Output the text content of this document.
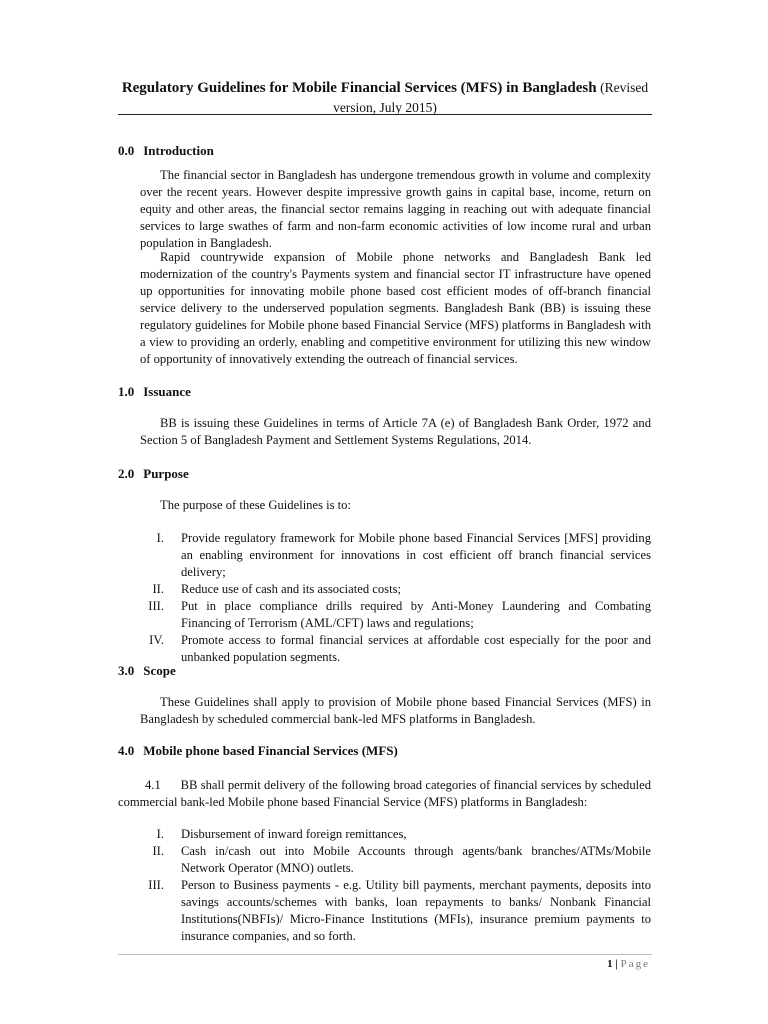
Regulatory Guidelines for Mobile Financial Services (MFS) in Bangladesh (Revised version, July 2015)
0.0 Introduction
The financial sector in Bangladesh has undergone tremendous growth in volume and complexity over the recent years. However despite impressive growth gains in capital base, income, return on equity and other areas, the financial sector remains lagging in reaching out with adequate financial services to large swathes of farm and non-farm economic activities of low income rural and urban population in Bangladesh.
Rapid countrywide expansion of Mobile phone networks and Bangladesh Bank led modernization of the country's Payments system and financial sector IT infrastructure have opened up opportunities for innovating mobile phone based cost efficient modes of off-branch financial service delivery to the underserved population segments. Bangladesh Bank (BB) is issuing these regulatory guidelines for Mobile phone based Financial Service (MFS) platforms in Bangladesh with a view to providing an orderly, enabling and competitive environment for utilizing this new window of opportunity of innovatively extending the outreach of financial services.
1.0 Issuance
BB is issuing these Guidelines in terms of Article 7A (e) of Bangladesh Bank Order, 1972 and Section 5 of Bangladesh Payment and Settlement Systems Regulations, 2014.
2.0 Purpose
The purpose of these Guidelines is to:
I. Provide regulatory framework for Mobile phone based Financial Services [MFS] providing an enabling environment for innovations in cost efficient off branch financial services delivery;
II. Reduce use of cash and its associated costs;
III. Put in place compliance drills required by Anti-Money Laundering and Combating Financing of Terrorism (AML/CFT) laws and regulations;
IV. Promote access to formal financial services at affordable cost especially for the poor and unbanked population segments.
3.0 Scope
These Guidelines shall apply to provision of Mobile phone based Financial Services (MFS) in Bangladesh by scheduled commercial bank-led MFS platforms in Bangladesh.
4.0 Mobile phone based Financial Services (MFS)
4.1 BB shall permit delivery of the following broad categories of financial services by scheduled commercial bank-led Mobile phone based Financial Service (MFS) platforms in Bangladesh:
I. Disbursement of inward foreign remittances,
II. Cash in/cash out into Mobile Accounts through agents/bank branches/ATMs/Mobile Network Operator (MNO) outlets.
III. Person to Business payments - e.g. Utility bill payments, merchant payments, deposits into savings accounts/schemes with banks, loan repayments to banks/ Nonbank Financial Institutions(NBFIs)/ Micro-Finance Institutions (MFIs), insurance premium payments to insurance companies, and so forth.
1 | Page
